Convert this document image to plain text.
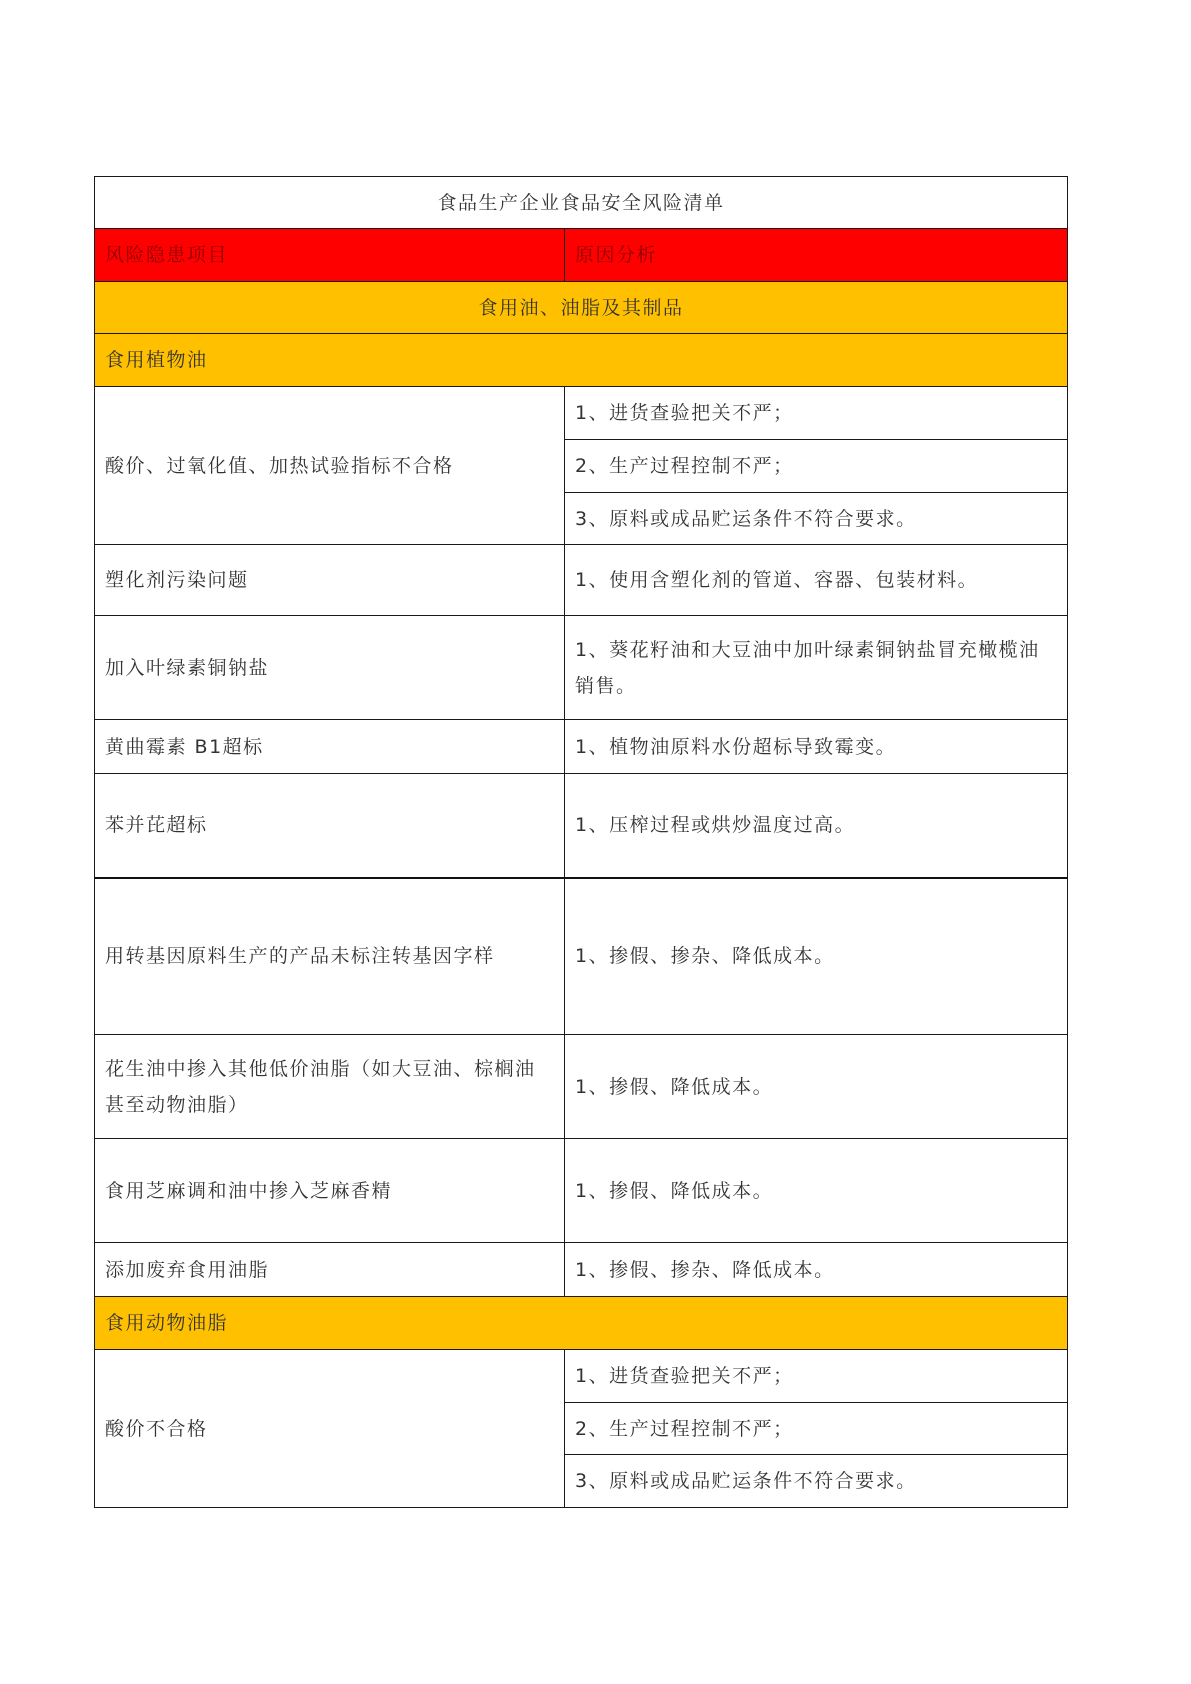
食品生产企业食品安全风险清单	
风险隐患项目	原因分析
食用油、油脂及其制品	
食用植物油	
酸价、过氧化值、加热试验指标不合格	1、进货查验把关不严；
	2、生产过程控制不严；
	3、原料或成品贮运条件不符合要求。
塑化剂污染问题	1、使用含塑化剂的管道、容器、包装材料。
加入叶绿素铜钠盐	1、葵花籽油和大豆油中加叶绿素铜钠盐冒充橄榄油销售。
黄曲霉素 B1超标	1、植物油原料水份超标导致霉变。
苯并芘超标	1、压榨过程或烘炒温度过高。
用转基因原料生产的产品未标注转基因字样	1、掺假、掺杂、降低成本。
花生油中掺入其他低价油脂（如大豆油、棕榈油甚至动物油脂）	1、掺假、降低成本。
食用芝麻调和油中掺入芝麻香精	1、掺假、降低成本。
添加废弃食用油脂	1、掺假、掺杂、降低成本。
食用动物油脂	
酸价不合格	1、进货查验把关不严；
	2、生产过程控制不严；
	3、原料或成品贮运条件不符合要求。
